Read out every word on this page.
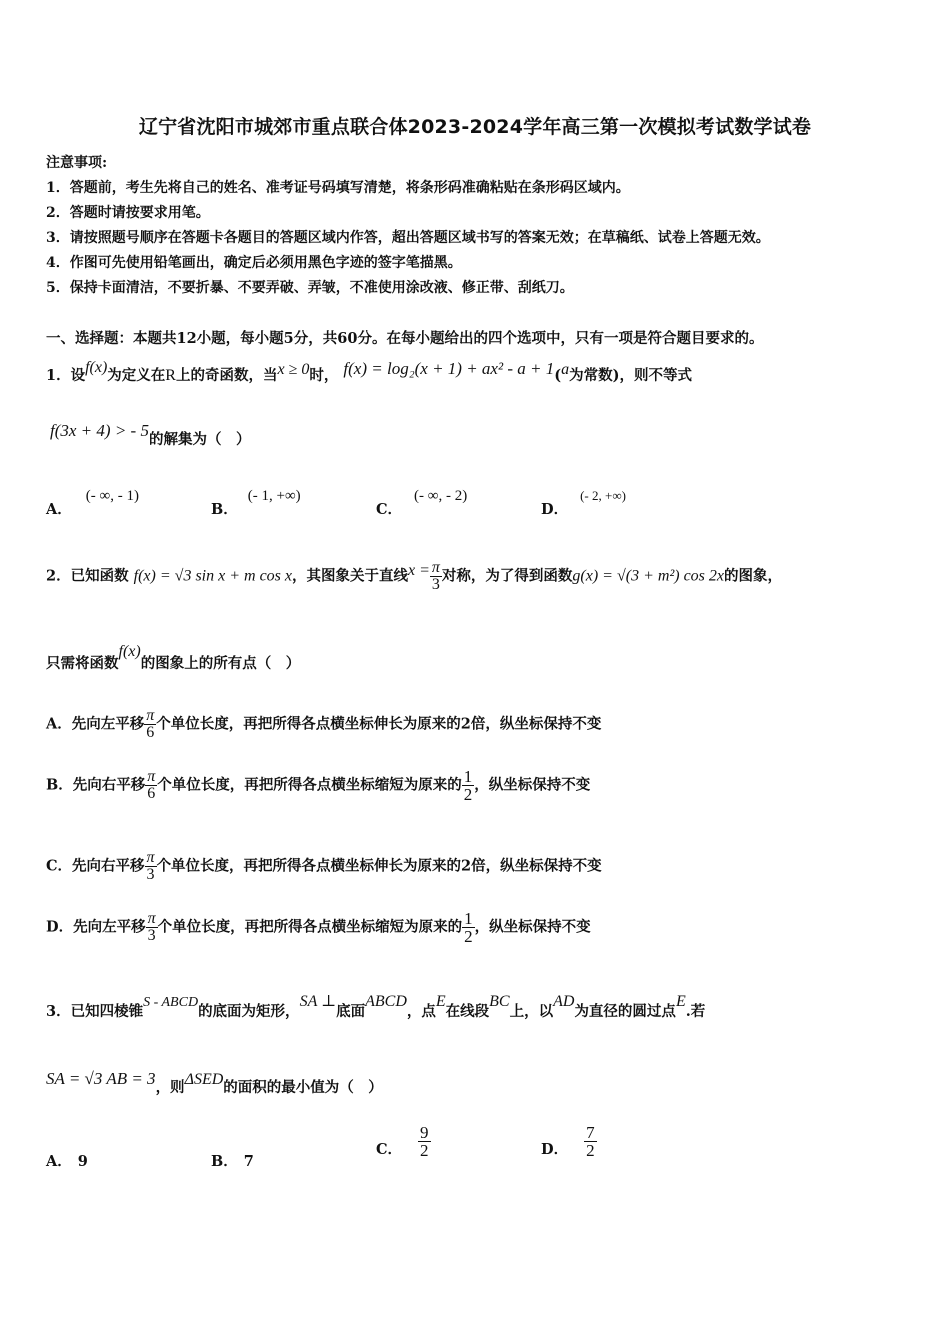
辽宁省沈阳市城郊市重点联合体2023-2024学年高三第一次模拟考试数学试卷
注意事项:
1．答题前，考生先将自己的姓名、准考证号码填写清楚，将条形码准确粘贴在条形码区域内。
2．答题时请按要求用笔。
3．请按照题号顺序在答题卡各题目的答题区域内作答，超出答题区域书写的答案无效；在草稿纸、试卷上答题无效。
4．作图可先使用铅笔画出，确定后必须用黑色字迹的签字笔描黑。
5．保持卡面清洁，不要折暴、不要弄破、弄皱，不准使用涂改液、修正带、刮纸刀。
一、选择题：本题共12小题，每小题5分，共60分。在每小题给出的四个选项中，只有一项是符合题目要求的。
1．设f(x)为定义在R上的奇函数，当x ≥ 0时， f(x) = log₂(x + 1) + ax² - a + 1(a为常数)，则不等式
f(3x + 4) > - 5的解集为（　）
A．(- ∞, - 1)
B．(- 1, +∞)
C．(- ∞, - 2)
D．(- 2, +∞)
2．已知函数 f(x) = √3 sin x + m cos x，其图象关于直线$x = \frac{\pi}{3}$ 对称，为了得到函数g(x) = √(3 + m²) cos 2x的图象，
只需将函数f(x)的图象上的所有点（　）
A．先向左平移 $\frac{\pi}{6}$ 个单位长度，再把所得各点横坐标伸长为原来的2倍，纵坐标保持不变
B．先向右平移 $\frac{\pi}{6}$ 个单位长度，再把所得各点横坐标缩短为原来的 $\frac{1}{2}$ ，纵坐标保持不变
C．先向右平移 $\frac{\pi}{3}$ 个单位长度，再把所得各点横坐标伸长为原来的2倍，纵坐标保持不变
D．先向左平移 $\frac{\pi}{3}$ 个单位长度，再把所得各点横坐标缩短为原来的 $\frac{1}{2}$ ，纵坐标保持不变
3．已知四棱锥S - ABCD的底面为矩形，SA ⊥底面ABCD，点E在线段BC上，以AD为直径的圆过点E.若
SA = √3 AB = 3，则ΔSED的面积的最小值为（　）
A． 9	B． 7
C． $\frac{9}{2}$	D． $\frac{7}{2}$
